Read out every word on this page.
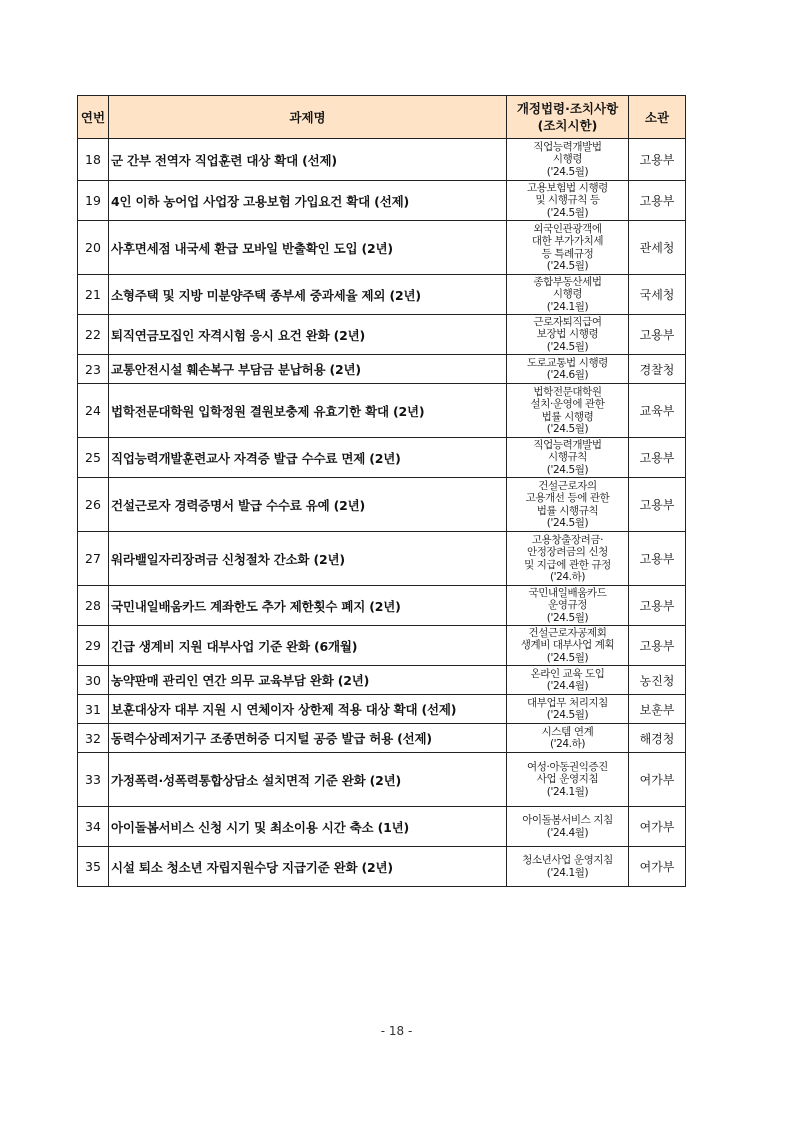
연번	과제명	개정법령·조치사항
(조치시한)	소관
18	군 간부 전역자 직업훈련 대상 확대 (선제)	직업능력개발법
시행령
('24.5월)	고용부
19	4인 이하 농어업 사업장 고용보험 가입요건 확대 (선제)	고용보험법 시행령
및 시행규칙 등
('24.5월)	고용부
20	사후면세점 내국세 환급 모바일 반출확인 도입 (2년)	외국인관광객에
대한 부가가치세
등 특례규정
('24.5월)	관세청
21	소형주택 및 지방 미분양주택 종부세 중과세율 제외 (2년)	종합부동산세법
시행령
('24.1월)	국세청
22	퇴직연금모집인 자격시험 응시 요건 완화 (2년)	근로자퇴직급여
보장법 시행령
('24.5월)	고용부
23	교통안전시설 훼손복구 부담금 분납허용 (2년)	도로교통법 시행령
('24.6월)	경찰청
24	법학전문대학원 입학정원 결원보충제 유효기한 확대 (2년)	법학전문대학원
설치·운영에 관한
법률 시행령
('24.5월)	교육부
25	직업능력개발훈련교사 자격증 발급 수수료 면제 (2년)	직업능력개발법
시행규칙
('24.5월)	고용부
26	건설근로자 경력증명서 발급 수수료 유예 (2년)	건설근로자의
고용개선 등에 관한
법률 시행규칙
('24.5월)	고용부
27	워라밸일자리장려금 신청절차 간소화 (2년)	고용창출장려금·
안정장려금의 신청
및 지급에 관한 규정
('24.하)	고용부
28	국민내일배움카드 계좌한도 추가 제한횟수 폐지 (2년)	국민내일배움카드
운영규정
('24.5월)	고용부
29	긴급 생계비 지원 대부사업 기준 완화 (6개월)	건설근로자공제회
생계비 대부사업 계획
('24.5월)	고용부
30	농약판매 관리인 연간 의무 교육부담 완화 (2년)	온라인 교육 도입
('24.4월)	농진청
31	보훈대상자 대부 지원 시 연체이자 상한제 적용 대상 확대 (선제)	대부업무 처리지침
('24.5월)	보훈부
32	동력수상레저기구 조종면허증 디지털 공증 발급 허용 (선제)	시스템 연계
('24.하)	해경청
33	가정폭력·성폭력통합상담소 설치면적 기준 완화 (2년)	여성·아동권익증진
사업 운영지침
('24.1월)	여가부
34	아이돌봄서비스 신청 시기 및 최소이용 시간 축소 (1년)	아이돌봄서비스 지침
('24.4월)	여가부
35	시설 퇴소 청소년 자립지원수당 지급기준 완화 (2년)	청소년사업 운영지침
('24.1월)	여가부
- 18 -
